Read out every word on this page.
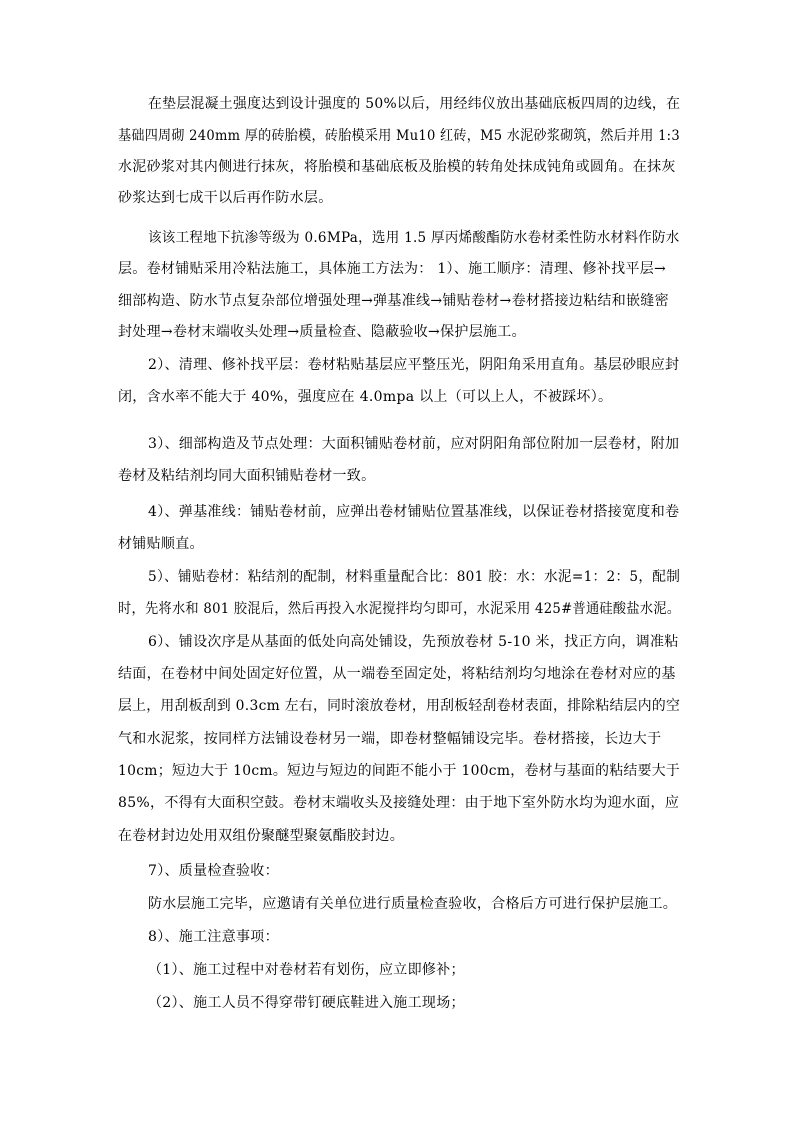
在垫层混凝土强度达到设计强度的 50%以后，用经纬仪放出基础底板四周的边线，在
基础四周砌 240mm 厚的砖胎模，砖胎模采用 Mu10 红砖，M5 水泥砂浆砌筑，然后并用 1:3
水泥砂浆对其内侧进行抹灰，将胎模和基础底板及胎模的转角处抹成钝角或圆角。在抹灰
砂浆达到七成干以后再作防水层。
该该工程地下抗渗等级为 0.6MPa，选用 1.5 厚丙烯酸酯防水卷材柔性防水材料作防水
层。卷材铺贴采用冷粘法施工，具体施工方法为： 1）、施工顺序：清理、修补找平层→
细部构造、防水节点复杂部位增强处理→弹基准线→铺贴卷材→卷材搭接边粘结和嵌缝密
封处理→卷材末端收头处理→质量检查、隐蔽验收→保护层施工。
2）、清理、修补找平层：卷材粘贴基层应平整压光，阴阳角采用直角。基层砂眼应封
闭，含水率不能大于 40%，强度应在 4.0mpa 以上（可以上人，不被踩坏）。
3）、细部构造及节点处理：大面积铺贴卷材前，应对阴阳角部位附加一层卷材，附加
卷材及粘结剂均同大面积铺贴卷材一致。
4）、弹基准线：铺贴卷材前，应弹出卷材铺贴位置基准线，以保证卷材搭接宽度和卷
材铺贴顺直。
5）、铺贴卷材：粘结剂的配制，材料重量配合比：801 胶：水：水泥=1：2：5，配制
时，先将水和 801 胶混后，然后再投入水泥搅拌均匀即可，水泥采用 425#普通硅酸盐水泥。
6）、铺设次序是从基面的低处向高处铺设，先预放卷材 5-10 米，找正方向，调准粘
结面，在卷材中间处固定好位置，从一端卷至固定处，将粘结剂均匀地涂在卷材对应的基
层上，用刮板刮到 0.3cm 左右，同时滚放卷材，用刮板轻刮卷材表面，排除粘结层内的空
气和水泥浆，按同样方法铺设卷材另一端，即卷材整幅铺设完毕。卷材搭接，长边大于
10cm；短边大于 10cm。短边与短边的间距不能小于 100cm，卷材与基面的粘结要大于
85%，不得有大面积空鼓。卷材末端收头及接缝处理：由于地下室外防水均为迎水面，应
在卷材封边处用双组份聚醚型聚氨酯胶封边。
7）、质量检查验收：
防水层施工完毕，应邀请有关单位进行质量检查验收，合格后方可进行保护层施工。
8）、施工注意事项：
（1）、施工过程中对卷材若有划伤，应立即修补；
（2）、施工人员不得穿带钉硬底鞋进入施工现场；
